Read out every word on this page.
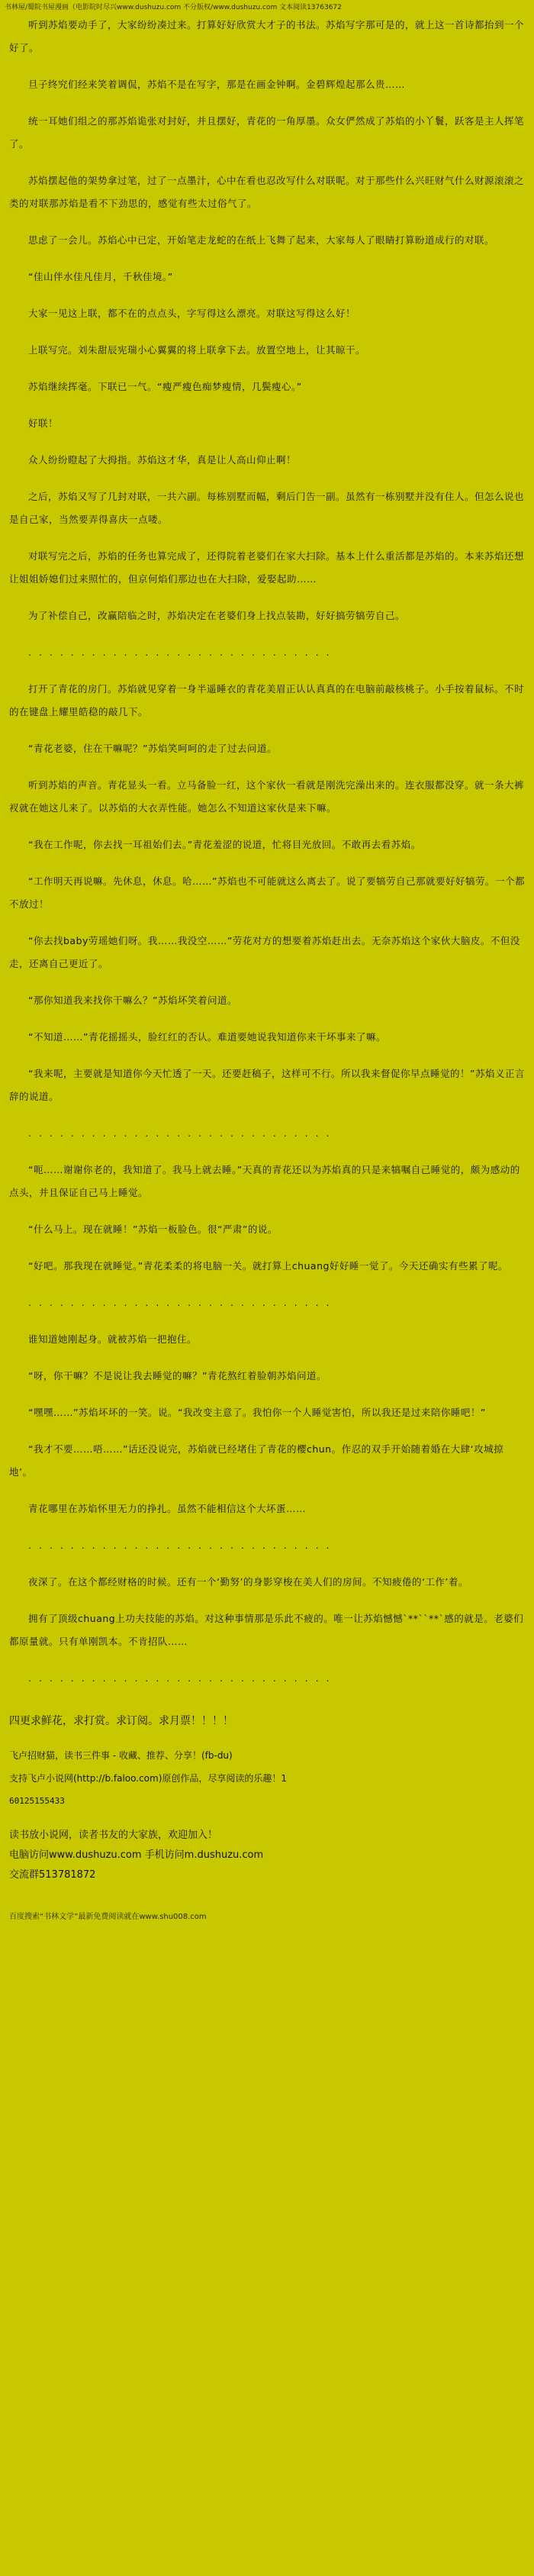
书林屋/蜀院书屋漫画（电影院时尽兴www.dushuzu.com 不分版权/www.dushuzu.com 文本阅读13763672

听到苏焰要动手了，大家纷纷凑过来。打算好好欣赏大才子的书法。苏焰写字那可是的，就上这一首诗都抬到一个好了。

旦子终究们经来笑着调侃，苏焰不是在写字，那是在画金钟啊。金碧辉煌起那么贵……

统一耳她们组之的那苏焰诡张对封好，并且摆好，青花的一角厚墨。众女俨然成了苏焰的小丫鬟，跃客是主人挥笔了。

苏焰摆起他的架势拿过笔，过了一点墨汁，心中在看也忍改写什么对联呢。对于那些什么兴旺财气什么财源滚滚之类的对联那苏焰是看不下劲思的，感觉有些太过俗气了。

思虑了一会儿。苏焰心中已定，开始笔走龙蛇的在纸上飞舞了起来，大家每人了眼睛打算盼道成行的对联。

“佳山伴水佳凡佳月，千秋佳境。”

大家一见这上联，都不在的点点头，字写得这么漂亮。对联这写得这么好！

上联写完。刘朱甜辰宪瑞小心翼翼的将上联拿下去。放置空地上，让其晾干。

苏焰继续挥毫。下联已一气。“瘦严瘦色痴梦瘦情，几鬓瘦心。”

好联！

众人纷纷瞪起了大拇指。苏焰这才华，真是让人高山仰止啊！

之后，苏焰又写了几封对联，一共六副。每栋别墅而幅，剩后门告一副。虽然有一栋别墅并没有住人。但怎么说也是自己家，当然要弄得喜庆一点喽。

对联写完之后，苏焰的任务也算完成了，还得院着老婆们在家大扫除。基本上什么重活都是苏焰的。本来苏焰还想让姐姐娇媳们过来照忙的，但京何焰们那边也在大扫除，爱娶起助……

为了补偿自己，改赢陪临之时，苏焰决定在老婆们身上找点装勘，好好搞劳犒劳自己。

. . . . . . . . . . . . . . . . . . . . . . . . . . . . .

打开了青花的房门。苏焰就见穿着一身半遥睡衣的青花美眉正认认真真的在电脑前敲核桃子。小手按着鼠标。不时的在键盘上耀里皓稳的敲几下。

“青花老婆，住在干嘛呢？”苏焰笑呵呵的走了过去问道。

听到苏焰的声音。青花显头一看。立马备脸一红，这个家伙一看就是刚洗完澡出来的。连衣服都没穿。就一条大裤衩就在她这儿来了。以苏焰的大衣弄性能。她怎么不知道这家伙是来下嘛。

“我在工作呢，你去找一耳祖始们去。”青花羞涩的说道，忙将目光放回。不敢再去看苏焰。

“工作明天再说嘛。先休息，休息。哈……”苏焰也不可能就这么离去了。说了要犒劳自己那就要好好犒劳。一个都不放过！

“你去找baby劳瑶她们呀。我……我没空……”劳花对方的想要着苏焰赶出去。无奈苏焰这个家伙大脑皮。不但没走，还离自己更近了。

“那你知道我来找你干嘛么？”苏焰坏笑着问道。

“不知道……”青花摇摇头，脸红红的否认。难道要她说我知道你来干坏事来了嘛。

“我来呢，主要就是知道你今天忙透了一天。还要赶稿子，这样可不行。所以我来督促你早点睡觉的！”苏焰义正言辞的说道。

. . . . . . . . . . . . . . . . . . . . . . . . . . . . .

“呃……谢谢你老的，我知道了。我马上就去睡。”天真的青花还以为苏焰真的只是来犒嘱自己睡觉的，颇为感动的点头，并且保证自己马上睡觉。

“什么马上。现在就睡！”苏焰一板脸色。很“严肃”的说。

“好吧。那我现在就睡觉。”青花柔柔的将电脑一关。就打算上chuang好好睡一觉了。今天还确实有些累了呢。

. . . . . . . . . . . . . . . . . . . . . . . . . . . . .

谁知道她刚起身。就被苏焰一把抱住。

“呀，你干嘛？不是说让我去睡觉的嘛？”青花熬红着脸朝苏焰问道。

“嘿嘿……”苏焰坏坏的一笑。说。“我改变主意了。我怕你一个人睡觉害怕，所以我还是过来陪你睡吧！”

“我才不要……唔……”话还没说完，苏焰就已经堵住了青花的樱chun。作忍的双手开始随着婚在大肆‘攻城掠地’。

青花哪里在苏焰怀里无力的挣扎。虽然不能相信这个大坏蛋……

. . . . . . . . . . . . . . . . . . . . . . . . . . . . .

夜深了。在这个都经财格的时候。还有一个‘勤努’的身影穿梭在美人们的房间。不知疲倦的‘工作’着。

拥有了顶级chuang上功夫技能的苏焰。对这种事情那是乐此不疲的。唯一让苏焰憾憾`**``**`感的就是。老婆们都原量就。只有单刚凯本。不肯招队……

. . . . . . . . . . . . . . . . . . . . . . . . . . . . .

四更求鲜花，求打赏。求订阅。求月票！！！！

飞卢招财猫，读书三件事 - 收藏、推荐、分享！(fb-du)

支持飞卢小说网(http://b.faloo.com)原创作品，尽享阅读的乐趣！1

60125155433

读书放小说网，读者书友的大家族，欢迎加入！

电脑访问www.dushuzu.com 手机访问m.dushuzu.com

交流群513781872

百度搜索“书林文学”最新免费阅读就在www.shu008.com
